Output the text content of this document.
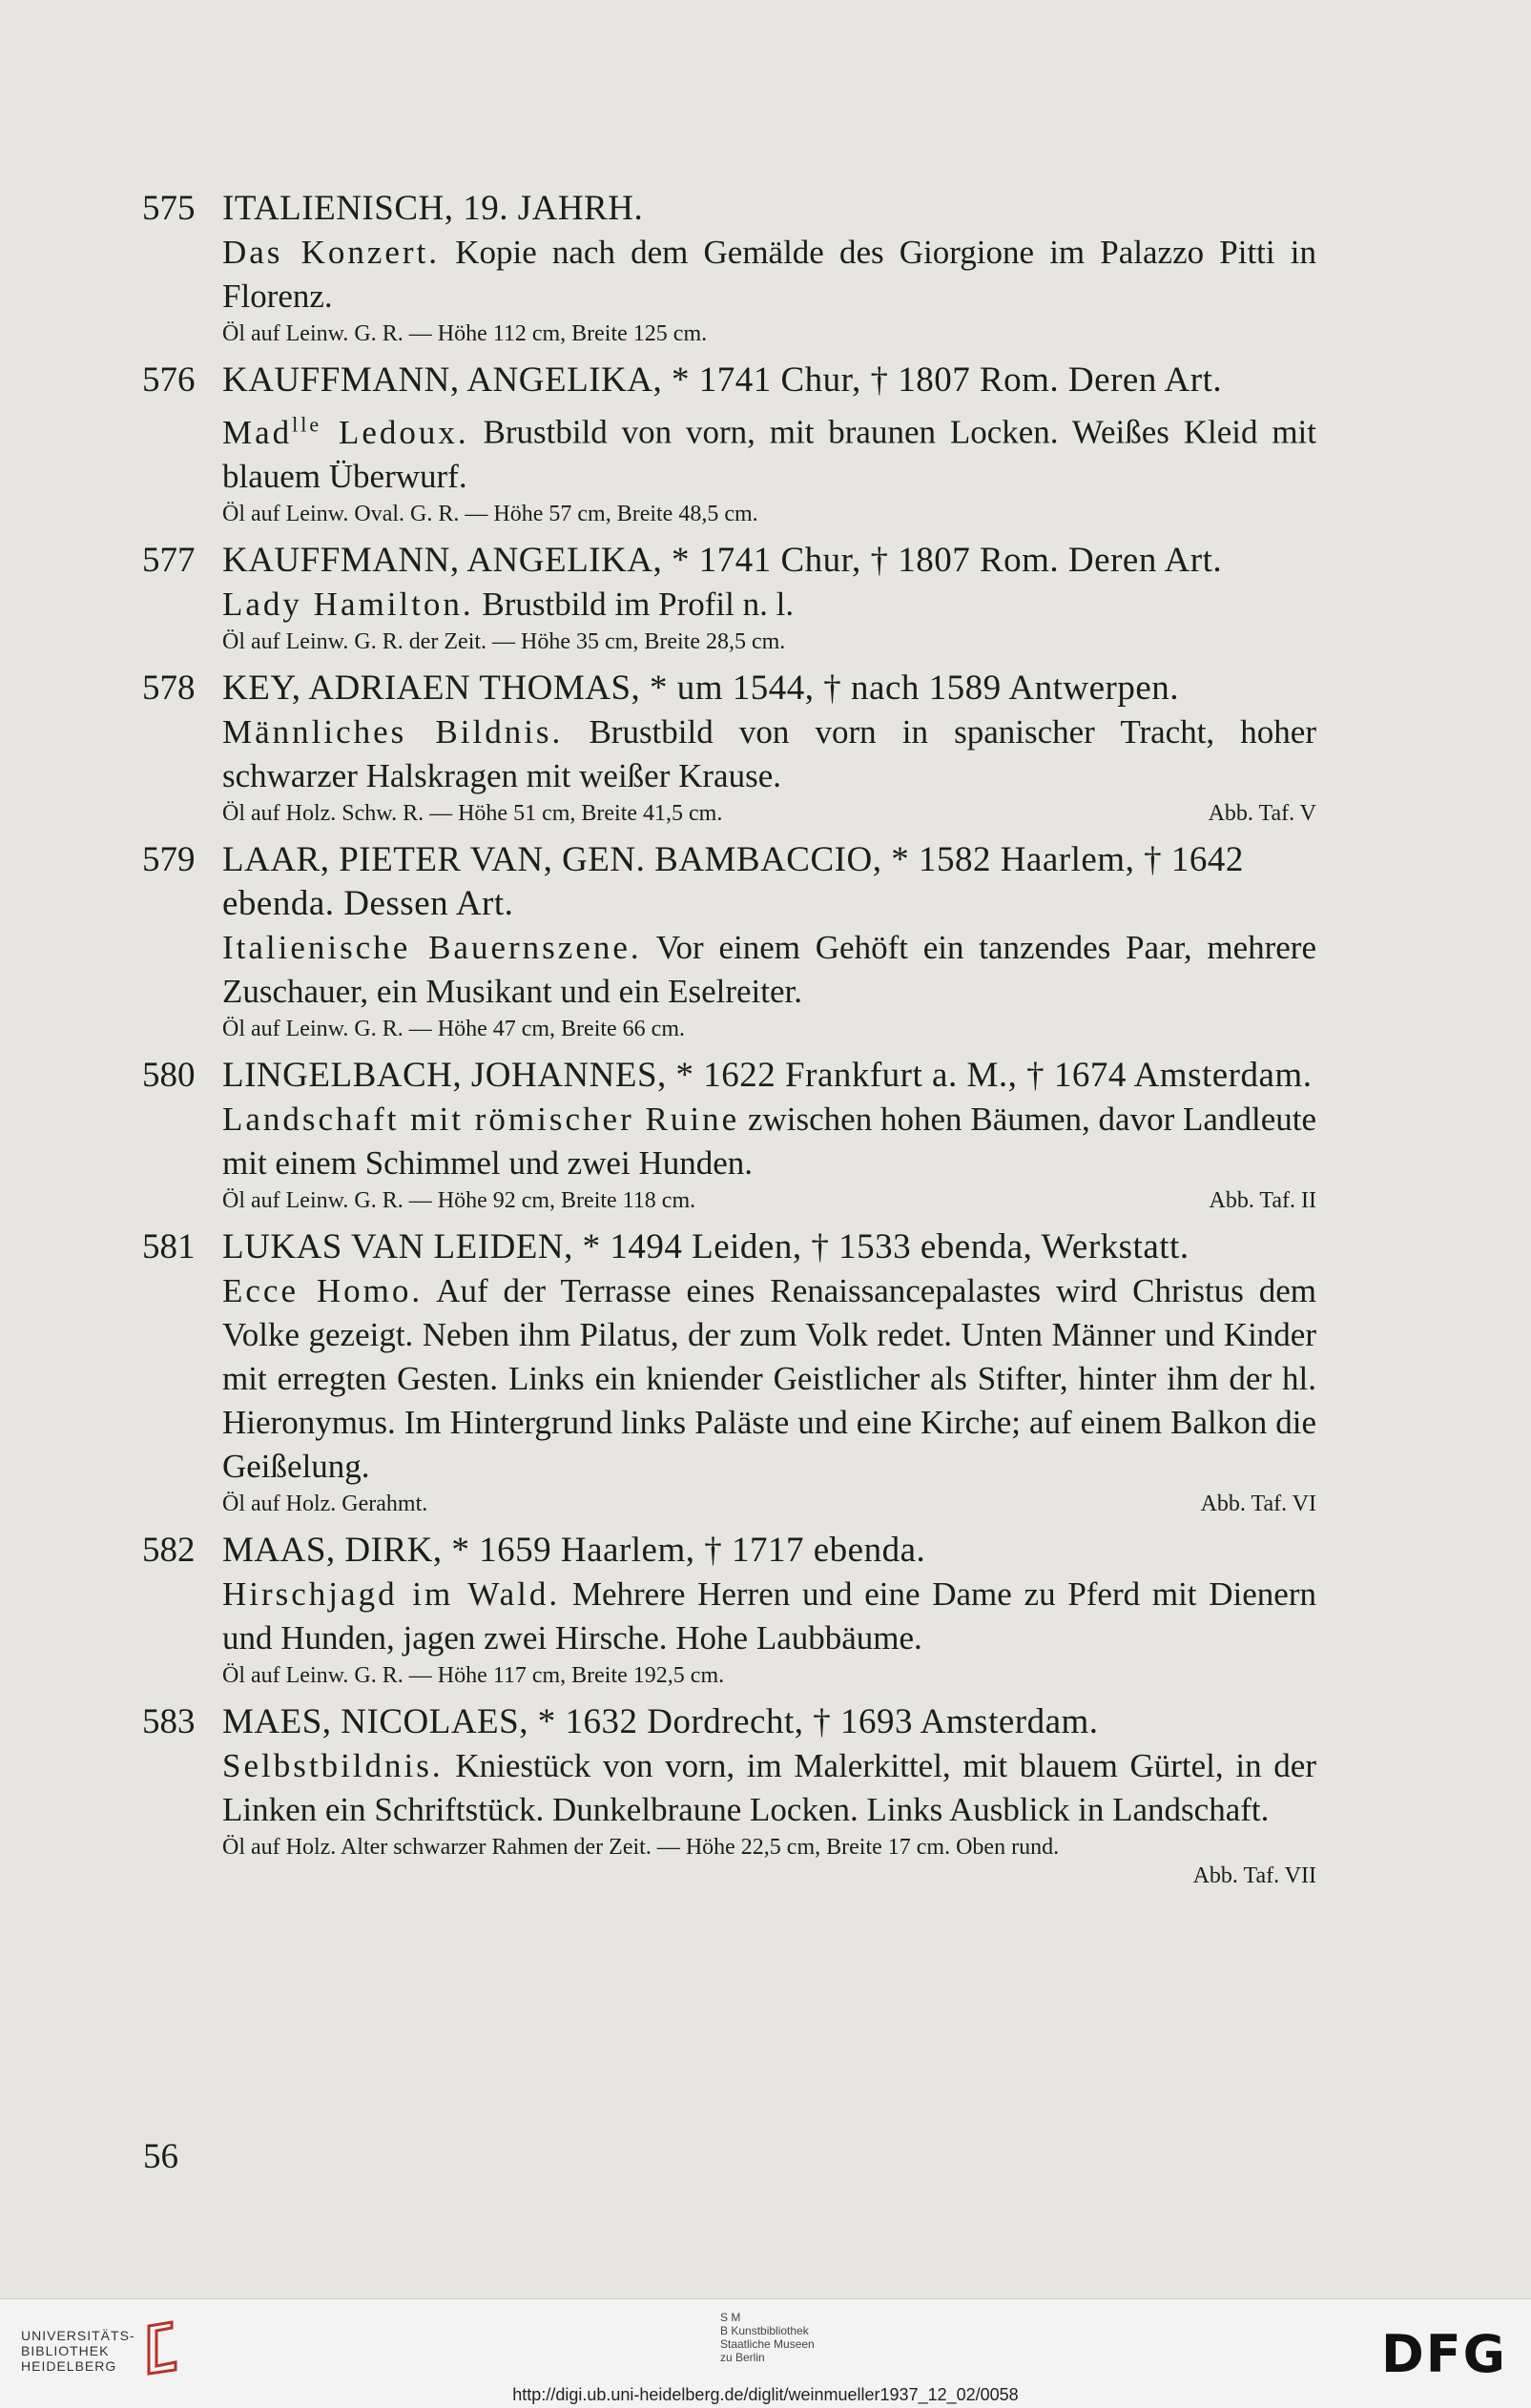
575 ITALIENISCH, 19. JAHRH.
Das Konzert. Kopie nach dem Gemälde des Giorgione im Palazzo Pitti in Florenz.
Öl auf Leinw. G. R. — Höhe 112 cm, Breite 125 cm.
576 KAUFFMANN, ANGELIKA, * 1741 Chur, † 1807 Rom. Deren Art.
Mad$^{lle}$ Ledoux. Brustbild von vorn, mit braunen Locken. Weißes Kleid mit blauem Überwurf.
Öl auf Leinw. Oval. G. R. — Höhe 57 cm, Breite 48,5 cm.
577 KAUFFMANN, ANGELIKA, * 1741 Chur, † 1807 Rom. Deren Art.
Lady Hamilton. Brustbild im Profil n. l.
Öl auf Leinw. G. R. der Zeit. — Höhe 35 cm, Breite 28,5 cm.
578 KEY, ADRIAEN THOMAS, * um 1544, † nach 1589 Antwerpen.
Männliches Bildnis. Brustbild von vorn in spanischer Tracht, hoher schwarzer Halskragen mit weißer Krause.
Öl auf Holz. Schw. R. — Höhe 51 cm, Breite 41,5 cm.	Abb. Taf. V
579 LAAR, PIETER VAN, GEN. BAMBACCIO, * 1582 Haarlem, † 1642 ebenda. Dessen Art.
Italienische Bauernszene. Vor einem Gehöft ein tanzendes Paar, mehrere Zuschauer, ein Musikant und ein Eselreiter.
Öl auf Leinw. G. R. — Höhe 47 cm, Breite 66 cm.
580 LINGELBACH, JOHANNES, * 1622 Frankfurt a. M., † 1674 Amsterdam.
Landschaft mit römischer Ruine zwischen hohen Bäumen, davor Landleute mit einem Schimmel und zwei Hunden.
Öl auf Leinw. G. R. — Höhe 92 cm, Breite 118 cm.	Abb. Taf. II
581 LUKAS VAN LEIDEN, * 1494 Leiden, † 1533 ebenda, Werkstatt.
Ecce Homo. Auf der Terrasse eines Renaissancepalastes wird Christus dem Volke gezeigt. Neben ihm Pilatus, der zum Volk redet. Unten Männer und Kinder mit erregten Gesten. Links ein kniender Geistlicher als Stifter, hinter ihm der hl. Hieronymus. Im Hintergrund links Paläste und eine Kirche; auf einem Balkon die Geißelung.
Öl auf Holz. Gerahmt.	Abb. Taf. VI
582 MAAS, DIRK, * 1659 Haarlem, † 1717 ebenda.
Hirschjagd im Wald. Mehrere Herren und eine Dame zu Pferd mit Dienern und Hunden, jagen zwei Hirsche. Hohe Laubbäume.
Öl auf Leinw. G. R. — Höhe 117 cm, Breite 192,5 cm.
583 MAES, NICOLAES, * 1632 Dordrecht, † 1693 Amsterdam.
Selbstbildnis. Kniestück von vorn, im Malerkittel, mit blauem Gürtel, in der Linken ein Schriftstück. Dunkelbraune Locken. Links Ausblick in Landschaft.
Öl auf Holz. Alter schwarzer Rahmen der Zeit. — Höhe 22,5 cm, Breite 17 cm. Oben rund.
Abb. Taf. VII
56
UNIVERSITÄTS-
BIBLIOTHEK
HEIDELBERG
S M
B Kunstbibliothek
Staatliche Museen
zu Berlin	DFG
http://digi.ub.uni-heidelberg.de/diglit/weinmueller1937_12_02/0058
